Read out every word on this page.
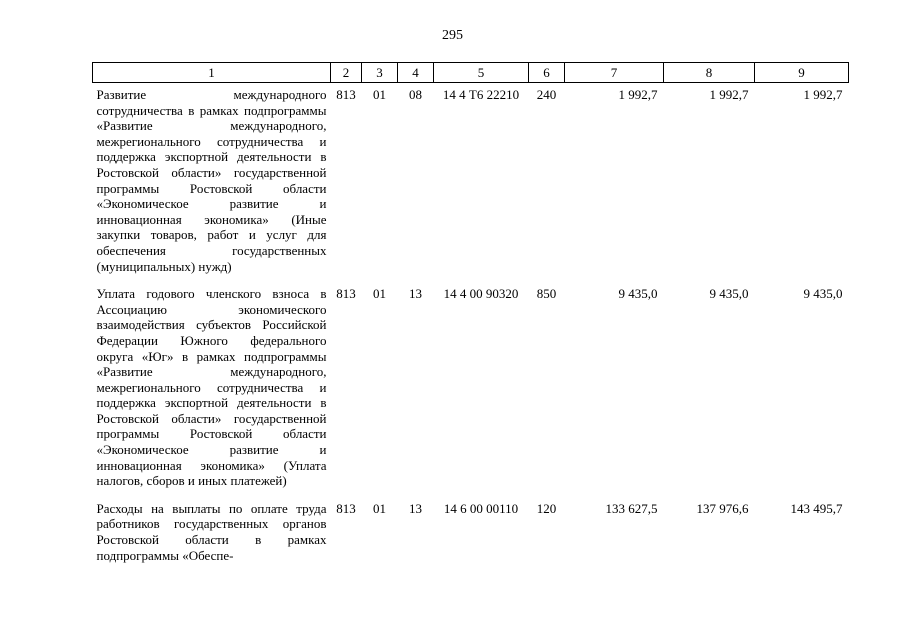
295
1	2	3	4	5	6	7	8	9
Развитие международного сотрудничества в рамках подпрограммы «Развитие международного, межрегионального сотрудничества и поддержка экспортной деятельности в Ростовской области» государственной программы Ростовской области «Экономическое развитие и инновационная экономика» (Иные закупки товаров, работ и услуг для обеспечения государственных (муниципальных) нужд)	813	01	08	14 4 Т6 22210	240	1 992,7	1 992,7	1 992,7
Уплата годового членского взноса в Ассоциацию экономического взаимодействия субъектов Российской Федерации Южного федерального округа «Юг» в рамках подпрограммы «Развитие международного, межрегионального сотрудничества и поддержка экспортной деятельности в Ростовской области» государственной программы Ростовской области «Экономическое развитие и инновационная экономика» (Уплата налогов, сборов и иных платежей)	813	01	13	14 4 00 90320	850	9 435,0	9 435,0	9 435,0
Расходы на выплаты по оплате труда работников государственных органов Ростовской области в рамках подпрограммы «Обеспе-	813	01	13	14 6 00 00110	120	133 627,5	137 976,6	143 495,7
